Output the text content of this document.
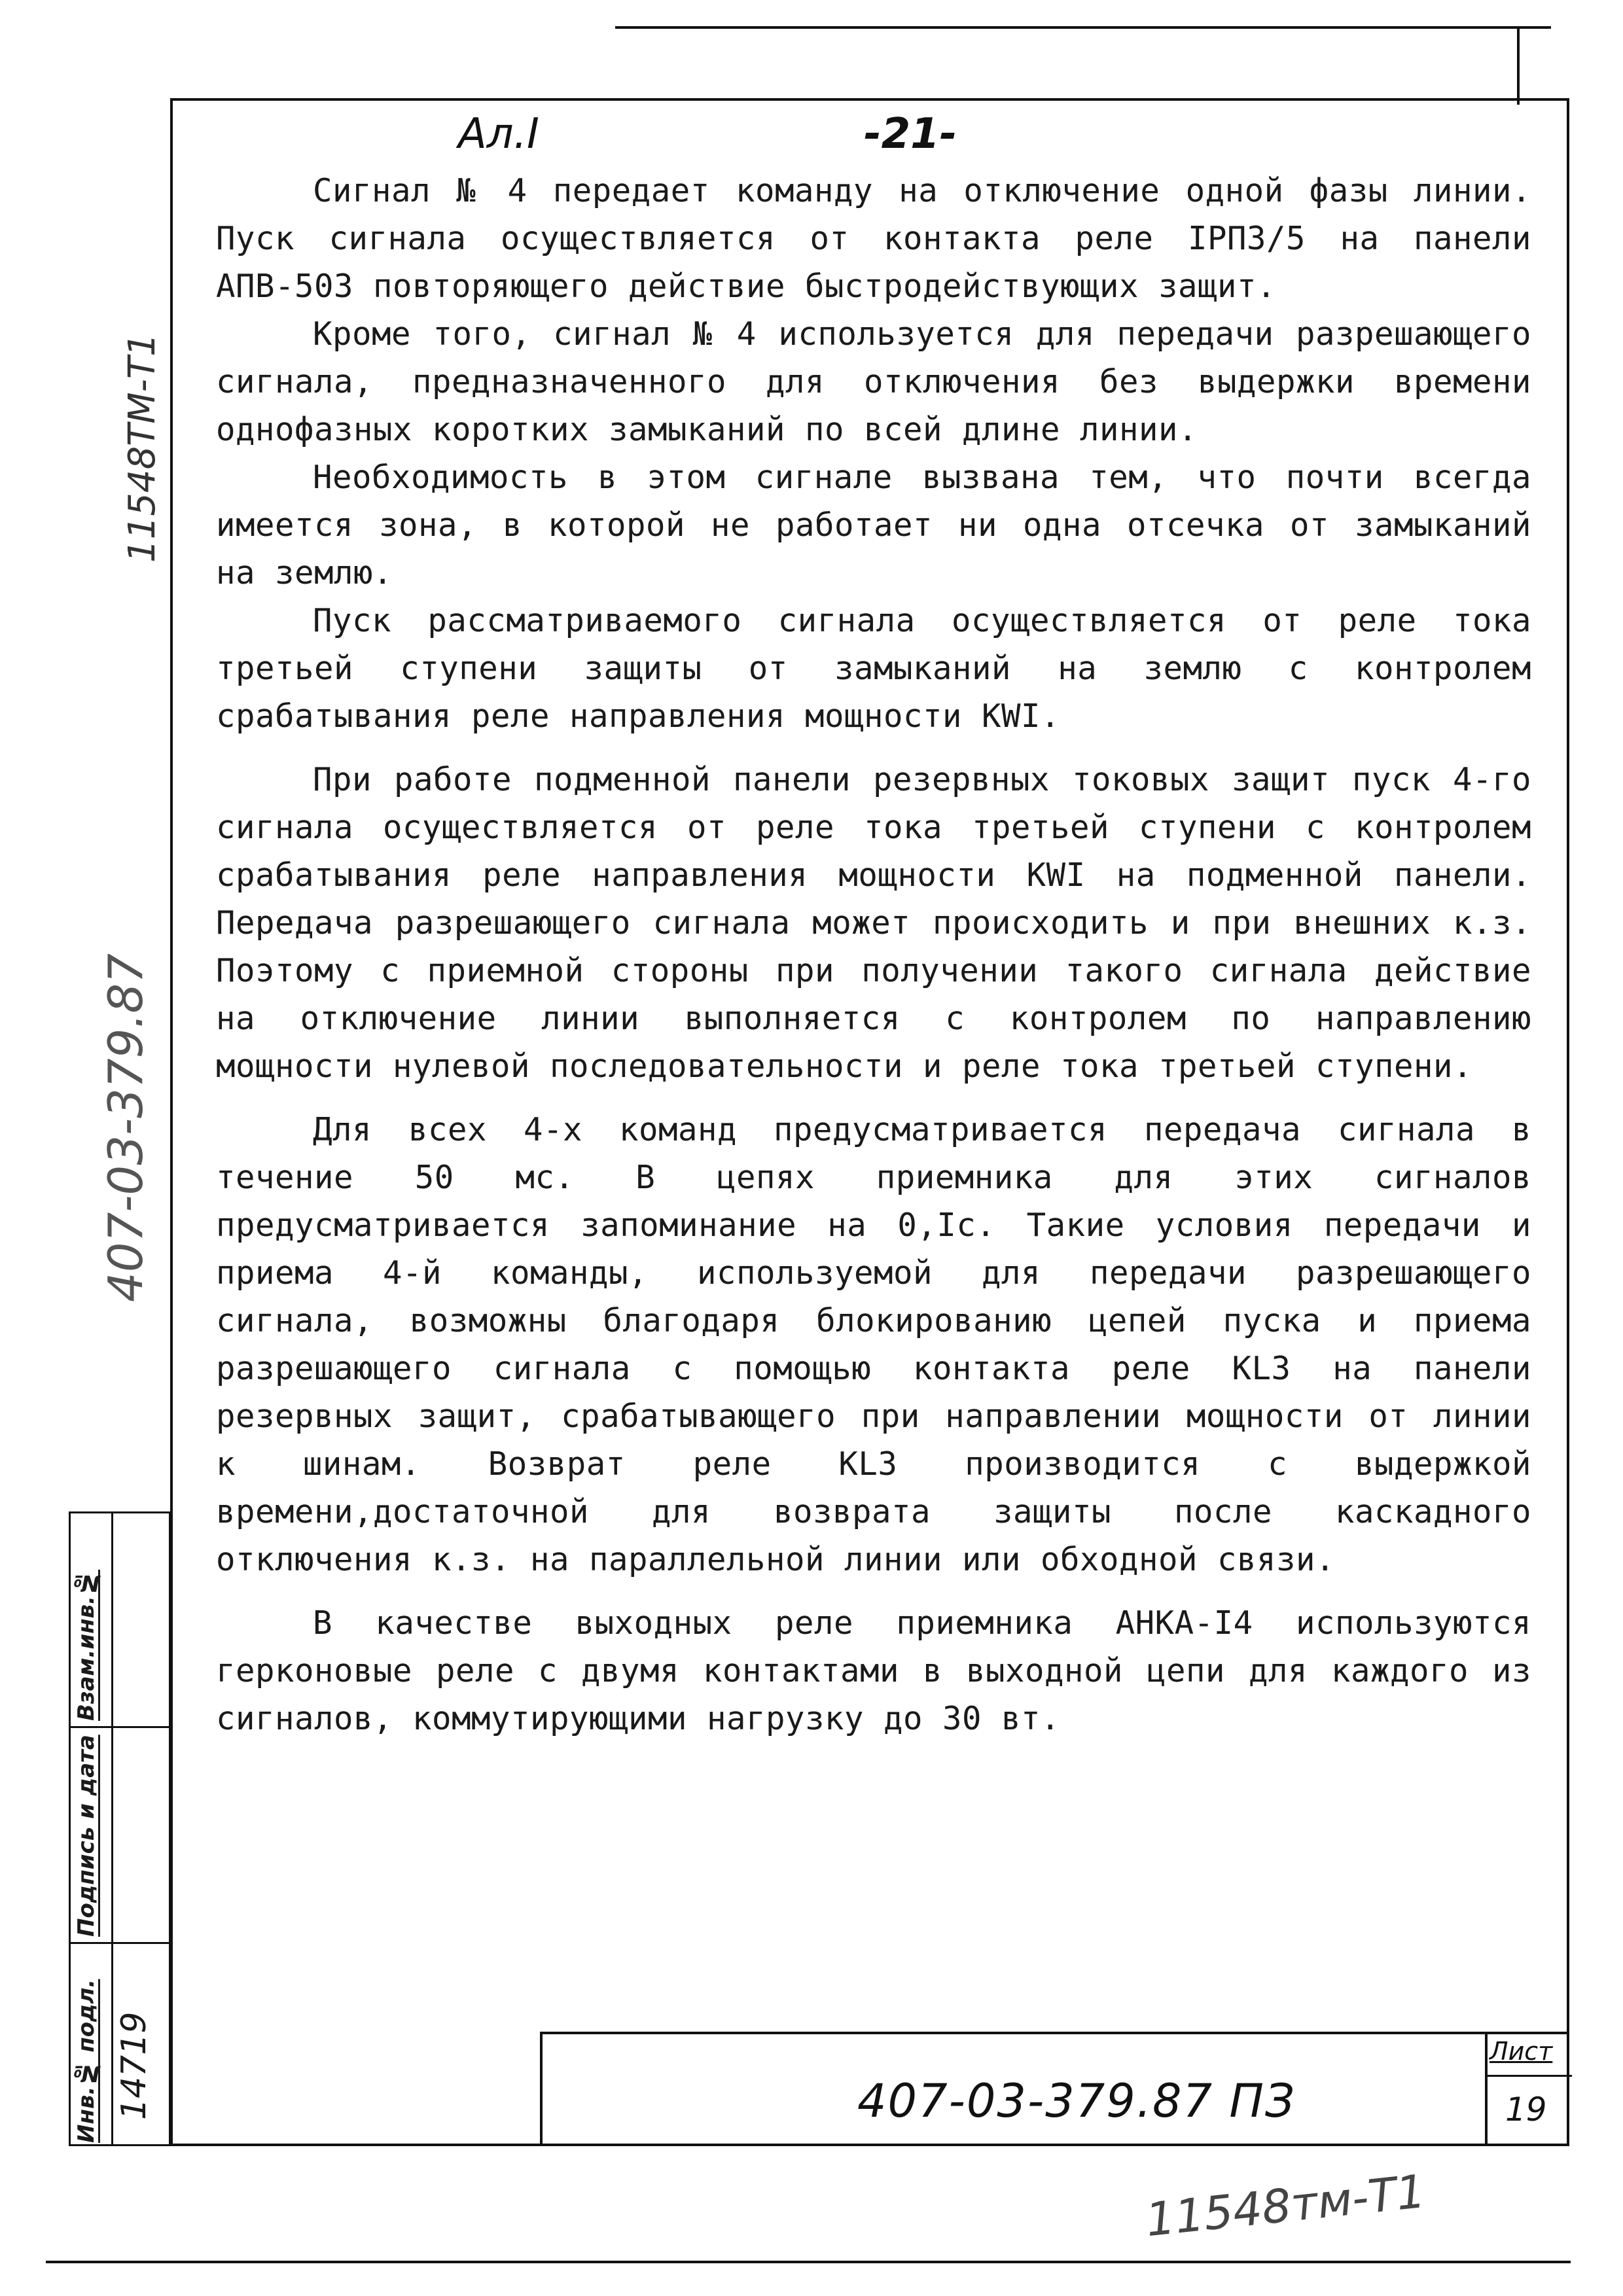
Ал.I	-21-

Сигнал № 4 передает команду на отключение одной фазы линии. Пуск сигнала осуществляется от контакта реле IРПЗ/5 на панели АПВ-503 повторяющего действие быстродействующих защит.

Кроме того, сигнал № 4 используется для передачи разрешающего сигнала, предназначенного для отключения без выдержки времени однофазных коротких замыканий по всей длине линии.

Необходимость в этом сигнале вызвана тем, что почти всегда имеется зона, в которой не работает ни одна отсечка от замыканий на землю.

Пуск рассматриваемого сигнала осуществляется от реле тока третьей ступени защиты от замыканий на землю с контролем срабатывания реле направления мощности КWI.

При работе подменной панели резервных токовых защит пуск 4-го сигнала осуществляется от реле тока третьей ступени с контролем срабатывания реле направления мощности КWI на подменной панели. Передача разрешающего сигнала может происходить и при внешних к.з. Поэтому с приемной стороны при получении такого сигнала действие на отключение линии выполняется с контролем по направлению мощности нулевой последовательности и реле тока третьей ступени.

Для всех 4-х команд предусматривается передача сигнала в течение 50 мс. В цепях приемника для этих сигналов предусматривается запоминание на 0,Iс. Такие условия передачи и приема 4-й команды, используемой для передачи разрешающего сигнала, возможны благодаря блокированию цепей пуска и приема разрешающего сигнала с помощью контакта реле КL3 на панели резервных защит, срабатывающего при направлении мощности от линии к шинам. Возврат реле КL3 производится с выдержкой времени,достаточной для возврата защиты после каскадного отключения к.з. на параллельной линии или обходной связи.

В качестве выходных реле приемника АНКА-I4 используются герконовые реле с двумя контактами в выходной цепи для каждого из сигналов, коммутирующими нагрузку до 30 вт.

11548ТМ-Т1
407-03-379.87
Взам.инв.№
Подпись и дата
Инв.№ подл. 14719	407-03-379.87 ПЗ
Лист
19
11548тм-Т1
